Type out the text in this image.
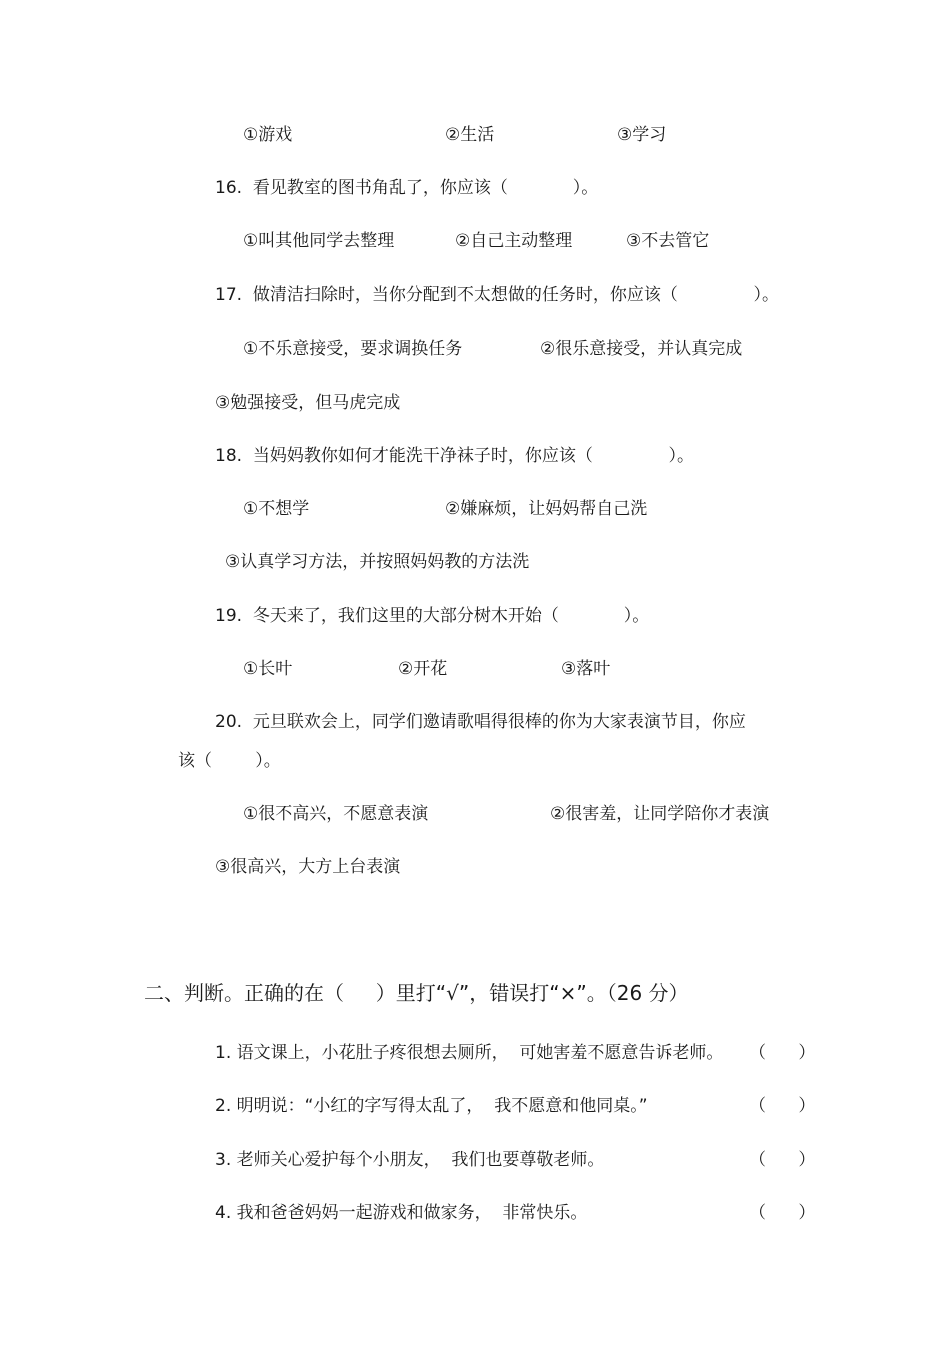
①游戏	②生活	③学习
16.  看见教室的图书角乱了，你应该（            ）。
①叫其他同学去整理	②自己主动整理	③不去管它
17.  做清洁扫除时，当你分配到不太想做的任务时，你应该（              ）。
①不乐意接受，要求调换任务	②很乐意接受，并认真完成
③勉强接受，但马虎完成
18.  当妈妈教你如何才能洗干净袜子时，你应该（              ）。
①不想学	②嫌麻烦，让妈妈帮自己洗
③认真学习方法，并按照妈妈教的方法洗
19.  冬天来了，我们这里的大部分树木开始（            ）。
①长叶	②开花	③落叶
20.  元旦联欢会上，同学们邀请歌唱得很棒的你为大家表演节目，你应
该（        ）。
①很不高兴，不愿意表演	②很害羞，让同学陪你才表演
③很高兴，大方上台表演
二、判断。正确的在（     ）里打“√”，错误打“×”。（26 分）
1. 语文课上，小花肚子疼很想去厕所，  可她害羞不愿意告诉老师。 （      ）
2. 明明说：“小红的字写得太乱了，  我不愿意和他同桌。”	（      ）
3. 老师关心爱护每个小朋友，  我们也要尊敬老师。	（      ）
4. 我和爸爸妈妈一起游戏和做家务，  非常快乐。	（      ）
